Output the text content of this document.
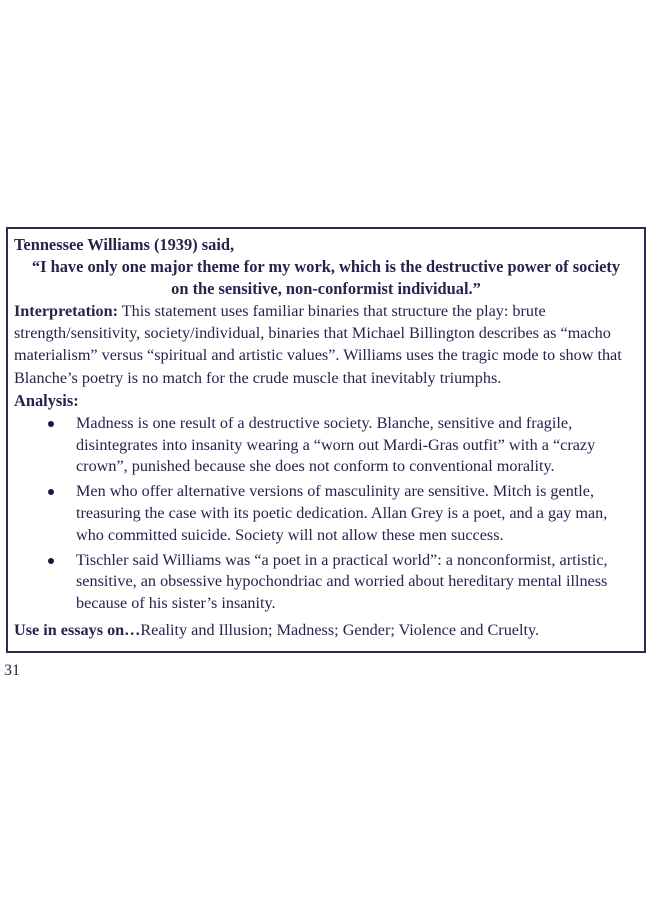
Tennessee Williams (1939) said,

“I have only one major theme for my work, which is the destructive power of society on the sensitive, non-conformist individual.”

Interpretation: This statement uses familiar binaries that structure the play: brute strength/sensitivity, society/individual, binaries that Michael Billington describes as “macho materialism” versus “spiritual and artistic values”. Williams uses the tragic mode to show that Blanche’s poetry is no match for the crude muscle that inevitably triumphs.

Analysis:

Madness is one result of a destructive society. Blanche, sensitive and fragile, disintegrates into insanity wearing a “worn out Mardi-Gras outfit” with a “crazy crown”, punished because she does not conform to conventional morality.
Men who offer alternative versions of masculinity are sensitive. Mitch is gentle, treasuring the case with its poetic dedication. Allan Grey is a poet, and a gay man, who committed suicide. Society will not allow these men success.
Tischler said Williams was “a poet in a practical world”: a nonconformist, artistic, sensitive, an obsessive hypochondriac and worried about hereditary mental illness because of his sister’s insanity.

Use in essays on…Reality and Illusion; Madness; Gender; Violence and Cruelty.

31
